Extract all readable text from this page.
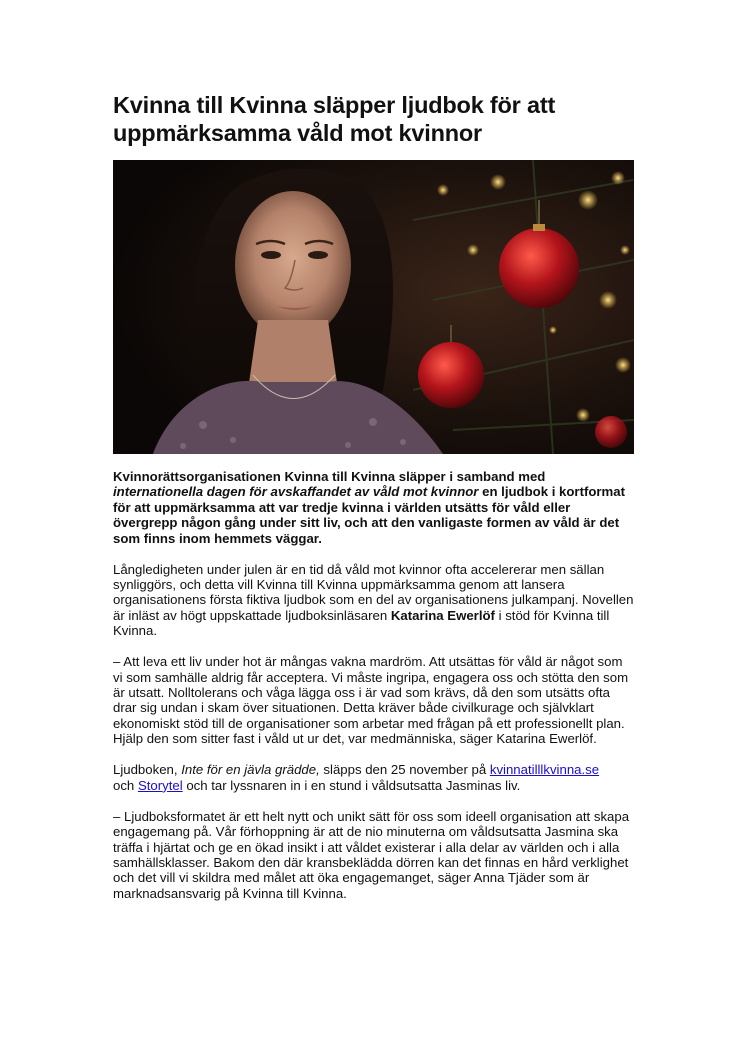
Kvinna till Kvinna släpper ljudbok för att uppmärksamma våld mot kvinnor

Kvinnorättsorganisationen Kvinna till Kvinna släpper i samband med internationella dagen för avskaffandet av våld mot kvinnor en ljudbok i kortformat för att uppmärksamma att var tredje kvinna i världen utsätts för våld eller övergrepp någon gång under sitt liv, och att den vanligaste formen av våld är det som finns inom hemmets väggar.

Långledigheten under julen är en tid då våld mot kvinnor ofta accelererar men sällan synliggörs, och detta vill Kvinna till Kvinna uppmärksamma genom att lansera organisationens första fiktiva ljudbok som en del av organisationens julkampanj. Novellen är inläst av högt uppskattade ljudboksinläsaren Katarina Ewerlöf i stöd för Kvinna till Kvinna.

– Att leva ett liv under hot är mångas vakna mardröm. Att utsättas för våld är något som vi som samhälle aldrig får acceptera. Vi måste ingripa, engagera oss och stötta den som är utsatt. Nolltolerans och våga lägga oss i är vad som krävs, då den som utsätts ofta drar sig undan i skam över situationen. Detta kräver både civilkurage och självklart ekonomiskt stöd till de organisationer som arbetar med frågan på ett professionellt plan. Hjälp den som sitter fast i våld ut ur det, var medmänniska, säger Katarina Ewerlöf.

Ljudboken, Inte för en jävla grädde, släpps den 25 november på kvinnatilllkvinna.se
och Storytel och tar lyssnaren in i en stund i våldsutsatta Jasminas liv.

– Ljudboksformatet är ett helt nytt och unikt sätt för oss som ideell organisation att skapa engagemang på. Vår förhoppning är att de nio minuterna om våldsutsatta Jasmina ska träffa i hjärtat och ge en ökad insikt i att våldet existerar i alla delar av världen och i alla samhällsklasser. Bakom den där kransbeklädda dörren kan det finnas en hård verklighet och det vill vi skildra med målet att öka engagemanget, säger Anna Tjäder som är marknadsansvarig på Kvinna till Kvinna.
